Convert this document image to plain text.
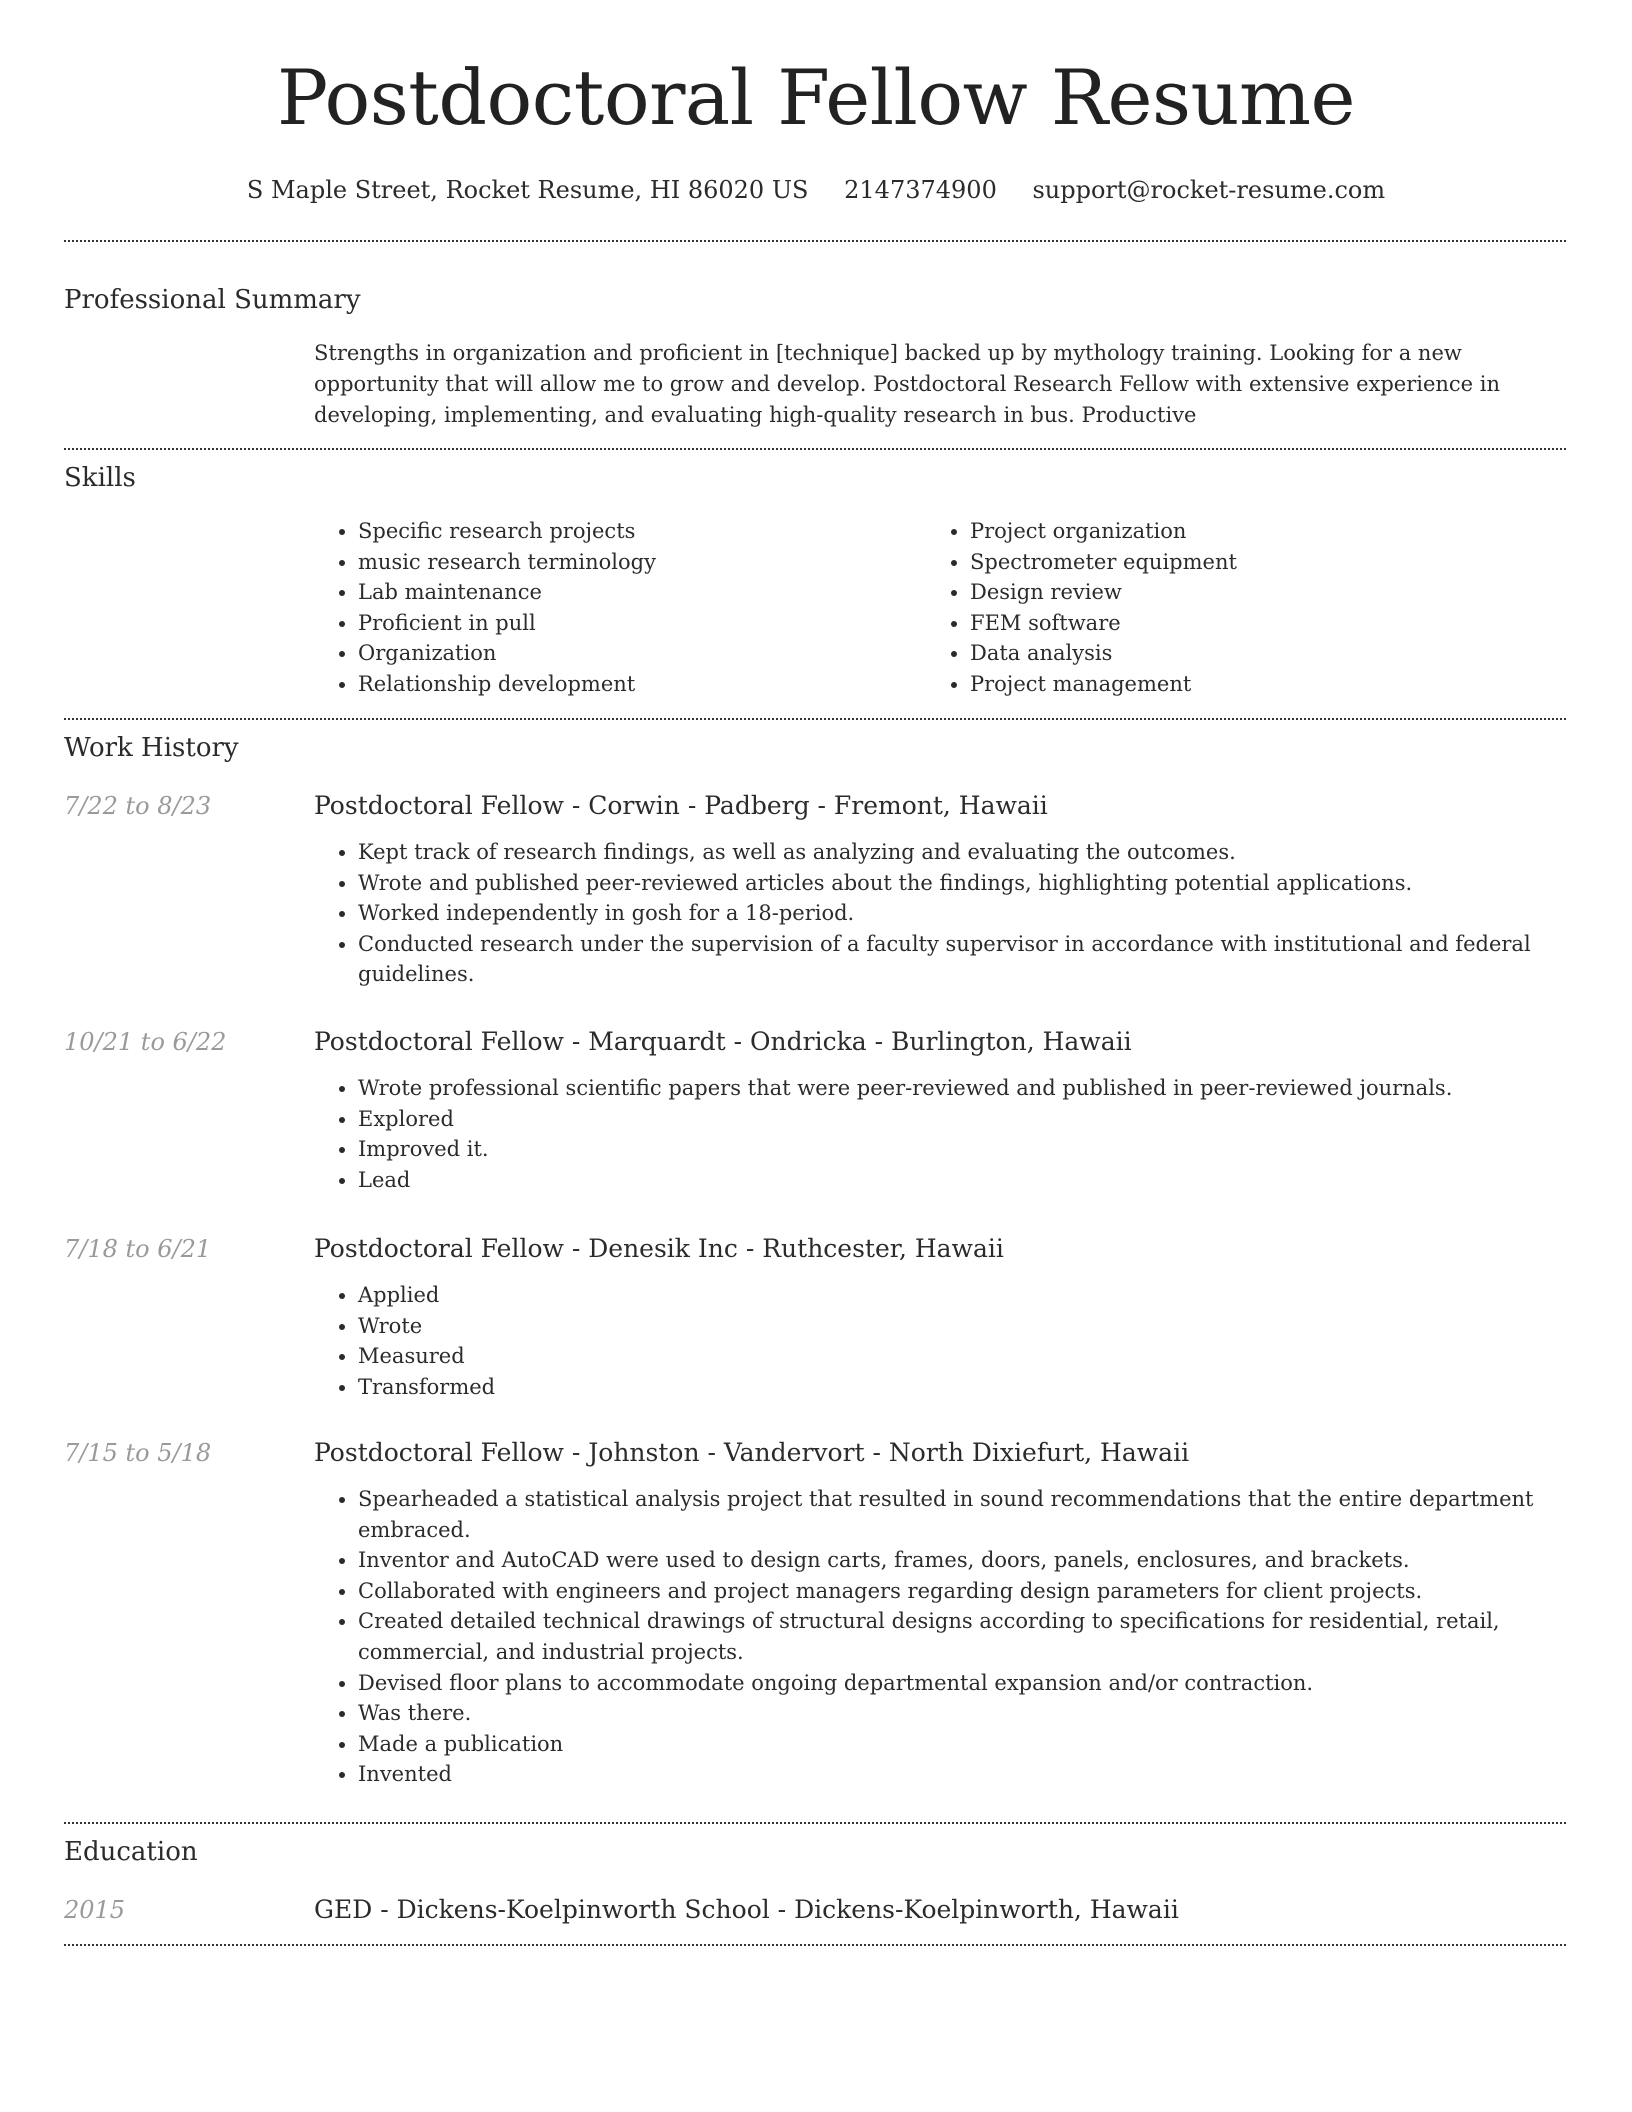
Postdoctoral Fellow Resume
S Maple Street, Rocket Resume, HI 86020 US 2147374900 support@rocket-resume.com
Professional Summary

Strengths in organization and proficient in [technique] backed up by mythology training. Looking for a new opportunity that will allow me to grow and develop. Postdoctoral Research Fellow with extensive experience in developing, implementing, and evaluating high-quality research in bus. Productive

Skills
• Specific research projects
• music research terminology
• Lab maintenance
• Proficient in pull
• Organization
• Relationship development
• Project organization
• Spectrometer equipment
• Design review
• FEM software
• Data analysis
• Project management
Work History
7/22 to 8/23	Postdoctoral Fellow - Corwin - Padberg - Fremont, Hawaii
• Kept track of research findings, as well as analyzing and evaluating the outcomes.
• Wrote and published peer-reviewed articles about the findings, highlighting potential applications.
• Worked independently in gosh for a 18-period.
• Conducted research under the supervision of a faculty supervisor in accordance with institutional and federal guidelines.
10/21 to 6/22	Postdoctoral Fellow - Marquardt - Ondricka - Burlington, Hawaii
• Wrote professional scientific papers that were peer-reviewed and published in peer-reviewed journals.
• Explored
• Improved it.
• Lead
7/18 to 6/21	Postdoctoral Fellow - Denesik Inc - Ruthcester, Hawaii
• Applied
• Wrote
• Measured
• Transformed
7/15 to 5/18	Postdoctoral Fellow - Johnston - Vandervort - North Dixiefurt, Hawaii
• Spearheaded a statistical analysis project that resulted in sound recommendations that the entire department embraced.
• Inventor and AutoCAD were used to design carts, frames, doors, panels, enclosures, and brackets.
• Collaborated with engineers and project managers regarding design parameters for client projects.
• Created detailed technical drawings of structural designs according to specifications for residential, retail, commercial, and industrial projects.
• Devised floor plans to accommodate ongoing departmental expansion and/or contraction.
• Was there.
• Made a publication
• Invented
Education
2015	GED - Dickens-Koelpinworth School - Dickens-Koelpinworth, Hawaii
